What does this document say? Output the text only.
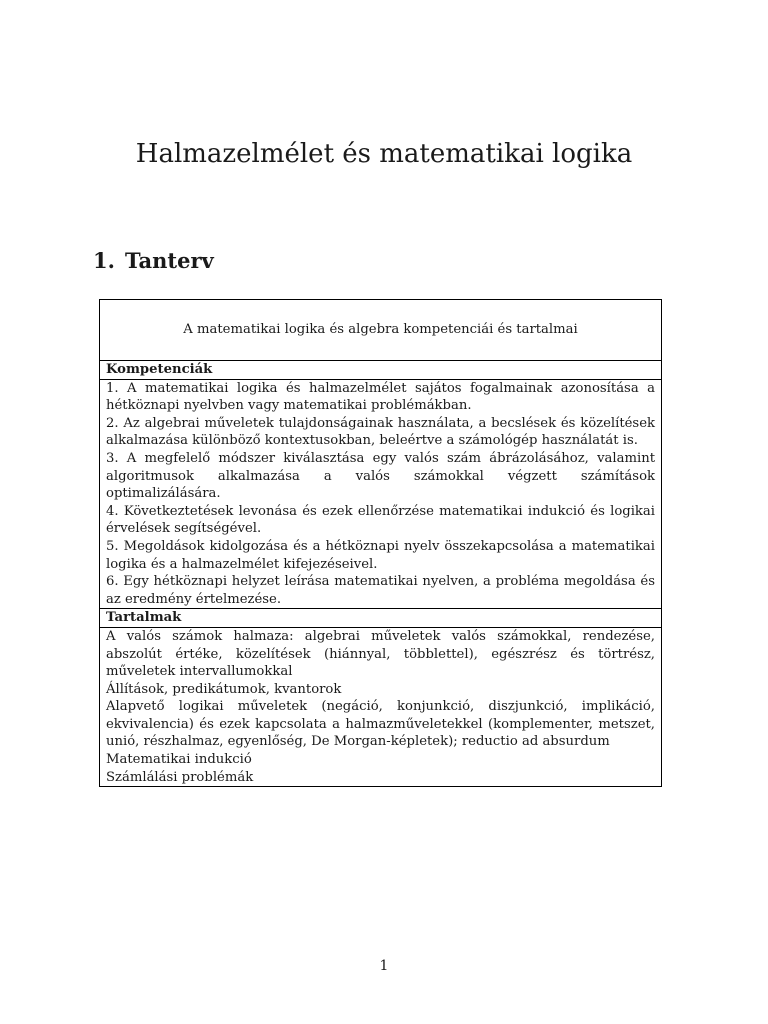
Halmazelmélet és matematikai logika
1. Tanterv
A matematikai logika és algebra kompetenciái és tartalmai
Kompetenciák

1. A matematikai logika és halmazelmélet sajátos fogalmainak azonosítása a hétköznapi nyelvben vagy matematikai problémákban.

2. Az algebrai műveletek tulajdonságainak használata, a becslések és közelítések alkalmazása különböző kontextusokban, beleértve a számológép használatát is.

3. A megfelelő módszer kiválasztása egy valós szám ábrázolásához, valamint algoritmusok alkalmazása a valós számokkal végzett számítások optimalizálására.

4. Következtetések levonása és ezek ellenőrzése matematikai indukció és logikai érvelések segítségével.

5. Megoldások kidolgozása és a hétköznapi nyelv összekapcsolása a matematikai logika és a halmazelmélet kifejezéseivel.

6. Egy hétköznapi helyzet leírása matematikai nyelven, a probléma megoldása és az eredmény értelmezése.

Tartalmak

A valós számok halmaza: algebrai műveletek valós számokkal, rendezése, abszolút értéke, közelítések (hiánnyal, többlettel), egészrész és törtrész, műveletek intervallumokkal

Állítások, predikátumok, kvantorok

Alapvető logikai műveletek (negáció, konjunkció, diszjunkció, implikáció, ekvivalencia) és ezek kapcsolata a halmazműveletekkel (komplementer, metszet, unió, részhalmaz, egyenlőség, De Morgan-képletek); reductio ad absurdum

Matematikai indukció

Számlálási problémák

1
